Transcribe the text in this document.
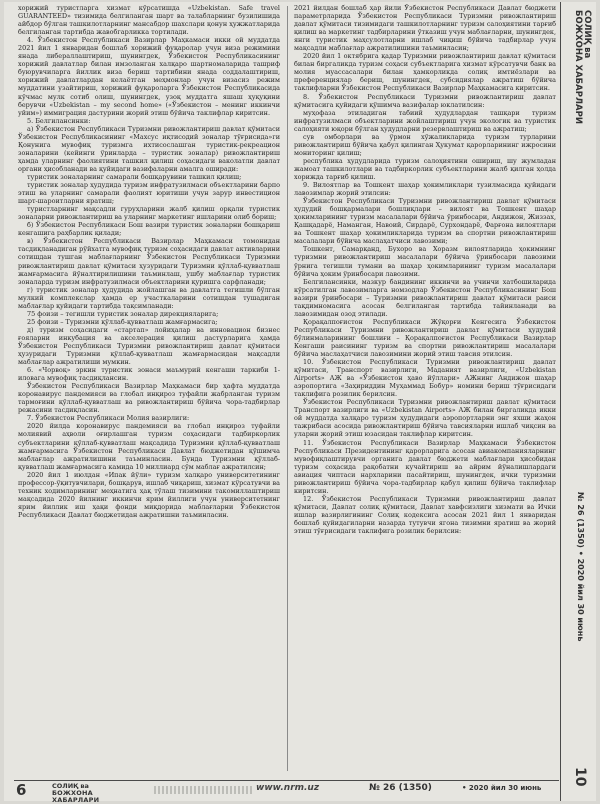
хорижий туристларга хизмат кўрсатишда «Uzbekistan. Safe travel GUARANTEED» тизимида белгиланган шарт ва талабларнинг бузилишида айбдор бўлган ташкилотларнинг мансабдор шахслари қонун ҳужжатларида белгиланган тартибда жавобгарликка тортилади.

4. Ўзбекистон Республикаси Вазирлар Маҳкамаси икки ой муддатда 2021 йил 1 январидан бошлаб хорижий фуқаролар учун виза режимини янада либераллаштириш, шунингдек, Ўзбекистон Республикасининг хорижий давлатлар билан имзоланган халқаро шартномаларида ташриф буюрувчиларга йиллик виза бериш тартибини янада соддалаштириш, хорижий давлатлардан келаётган меҳмонлар учун визасиз режим муддатини узайтириш, хорижий фуқароларга Ўзбекистон Республикасида кўчмас мулк сотиб олиш, шунингдек, узоқ муддатга яшаш ҳуқуқини берувчи «Uzbekistan – my second home» («Ўзбекистон – менинг иккинчи уйим») иммиграция дастурини жорий этиш бўйича таклифлар киритсин.

5. Белгилансинки:

а) Ўзбекистон Республикаси Туризмни ривожлантириш давлат қўмитаси Ўзбекистон Республикасининг «Махсус иқтисодий зоналар тўғрисида»ги Қонунига мувофиқ туризмга ихтисослашган туристик-рекреацион зоналарини (кейинги ўринларда – туристик зоналар) ривожлантириш ҳамда уларнинг фаолиятини ташкил қилиш соҳасидаги ваколатли давлат органи ҳисобланади ва қуйидаги вазифаларни амалга оширади:

туристик зоналарнинг самарали бошқарувини ташкил қилиш;

туристик зоналар ҳудудида туризм инфратузилмаси объектларини барпо этиш ва уларнинг самарали фаолият юритиши учун зарур инвестицион шарт-шароитларни яратиш;

туристларнинг мақсадли гуруҳларини жалб қилиш орқали туристик зоналарни ривожлантириш ва уларнинг маркетинг ишларини олиб бориш;

б) Ўзбекистон Республикаси Бош вазири туристик зоналарни бошқариш кенгашига раҳбарлик қилади;

в) Ўзбекистон Республикаси Вазирлар Маҳкамаси томонидан тасдиқланадиган рўйхатга мувофиқ туризм соҳасидаги давлат активларини сотишдан тушган маблағларнинг Ўзбекистон Республикаси Туризмни ривожлантириш давлат қўмитаси ҳузуридаги Туризмни қўллаб-қувватлаш жамғармасига йўналтирилишини таъминлаш, ушбу маблағлар туристик зоналарда туризм инфратузилмаси объектларини қуришга сарфланади;

г) туристик зоналар ҳудудида жойлашган ва давлатга тегишли бўлган мулкий комплекслар ҳамда ер участкаларини сотишдан тушадиган маблағлар қуйидаги тартибда тақсимланади:

75 фоизи – тегишли туристик зоналар дирекцияларига;

25 фоизи – Туризмни қўллаб-қувватлаш жамғармасига;

д) туризм соҳасидаги «стартап» лойиҳалар ва инновацион бизнес ғояларни инкубация ва акселерация қилиш дастурларига ҳамда Ўзбекистон Республикаси Туризмни ривожлантириш давлат қўмитаси ҳузуридаги Туризмни қўллаб-қувватлаш жамғармасидан мақсадли маблағлар ажратилиши мумкин.

6. «Чорвоқ» эркин туристик зонаси маъмурий кенгаши таркиби 1-иловага мувофиқ тасдиқлансин.

Ўзбекистон Республикаси Вазирлар Маҳкамаси бир ҳафта муддатда коронавирус пандемияси ва глобал инқироз туфайли жабрланган туризм тармоғини қўллаб-қувватлаш ва ривожлантириш бўйича чора-тадбирлар режасини тасдиқласин.

7. Ўзбекистон Республикаси Молия вазирлиги:

2020 йилда коронавирус пандемияси ва глобал инқироз туфайли молиявий аҳволи оғирлашган туризм соҳасидаги тадбиркорлик субъектларини қўллаб-қувватлаш мақсадида Туризмни қўллаб-қувватлаш жамғармасига Ўзбекистон Республикаси Давлат бюджетидан қўшимча маблағлар ажратилишини таъминласин. Бунда Туризмни қўллаб-қувватлаш жамғармасига камида 10 миллиард сўм маблағ ажратилсин;

2020 йил 1 июлдан «Ипак йўли» туризм халқаро университетининг профессор-ўқитувчилари, бошқарув, ишлаб чиқариш, хизмат кўрсатувчи ва техник ходимларининг меҳнатига ҳақ тўлаш тизимини такомиллаштириш мақсадида 2020 йилнинг иккинчи ярим йиллиги учун университетнинг ярим йиллик иш ҳақи фонди миқдорида маблағларни Ўзбекистон Республикаси Давлат бюджетидан ажратишни таъминласин.

2021 йилдан бошлаб ҳар йили Ўзбекистон Республикаси Давлат бюджети параметрларида Ўзбекистон Республикаси Туризмни ривожлантириш давлат қўмитаси тизимидаги ташкилотларнинг туризм салоҳиятини тарғиб қилиш ва маркетинг тадбирларини ўтказиш учун маблағларни, шунингдек, янги туристик маҳсулотларни ишлаб чиқиш бўйича тадбирлар учун мақсадли маблағлар ажратилишини таъминласин;

2020 йил 1 октябрига қадар Туризмни ривожлантириш давлат қўмитаси билан биргаликда туризм соҳаси субъектларига хизмат кўрсатувчи банк ва молия муассасалари билан ҳамкорликда солиқ имтиёзлари ва преференциялар бериш, шунингдек, субсидиялар ажратиш бўйича таклифларни Ўзбекистон Республикаси Вазирлар Маҳкамасига киритсин.

8. Ўзбекистон Республикаси Туризмни ривожлантириш давлат қўмитасига қуйидаги қўшимча вазифалар юклатилсин:

муҳофаза этиладиган табиий ҳудудлардан ташқари туризм инфратузилмаси объектларини жойлаштириш учун экологик ва туристик салоҳияти юқори бўлган ҳудудларни резервлаштириш ва ажратиш;

сув омборлари ва ўрмон хўжаликларида туризм турларини ривожлантириш бўйича қабул қилинган Ҳукумат қарорларининг ижросини мониторинг қилиш;

республика ҳудудларида туризм салоҳиятини ошириш, шу жумладан жамоат ташкилотлари ва тадбиркорлик субъектларини жалб қилган ҳолда хорижда тарғиб қилиш.

9. Вилоятлар ва Тошкент шаҳар ҳокимликлари тузилмасида қуйидаги лавозимлар жорий этилсин:

Ўзбекистон Республикаси Туризмни ривожлантириш давлат қўмитаси ҳудудий бошқармалари бошлиқлари – вилоят ва Тошкент шаҳар ҳокимларининг туризм масалалари бўйича ўринбосари, Андижон, Жиззах, Қашқадарё, Наманган, Навоий, Сирдарё, Сурхондарё, Фарғона вилоятлари ва Тошкент шаҳар ҳокимликларида туризм ва спортни ривожлантириш масалалари бўйича маслаҳатчиси лавозими;

Тошкент, Самарқанд, Бухоро ва Хоразм вилоятларида ҳокимнинг туризмни ривожлантириш масалалари бўйича ўринбосари лавозими ўрнига тегишли тумани ва шаҳар ҳокимларининг туризм масалалари бўйича ҳоким ўринбосари лавозими.

Белгилансинки, мазкур бандининг иккинчи ва учинчи хатбошиларида кўрсатилган лавозимларга номзодлар Ўзбекистон Республикасининг Бош вазири ўринбосари – Туризмни ривожлантириш давлат қўмитаси раиси тақдимномасига асосан белгиланган тартибда тайинланади ва лавозимидан озод этилади.

Қорақалпоғистон Республикаси Жўқорғи Кенгесига Ўзбекистон Республикаси Туризмни ривожлантириш давлат қўмитаси ҳудудий бўлинмаларининг бошлиғи – Қорақалпоғистон Республикаси Вазирлар Кенгаши раисининг туризм ва спортни ривожлантириш масалалари бўйича маслаҳатчиси лавозимини жорий этиш тавсия этилсин.

10. Ўзбекистон Республикаси Туризмни ривожлантириш давлат қўмитаси, Транспорт вазирлиги, Маданият вазирлиги, «Uzbekistan Airports» АЖ ва «Ўзбекистон ҳаво йўллари» АЖнинг Андижон шаҳар аэропортига «Заҳириддин Муҳаммад Бобур» номини бериш тўғрисидаги таклифига розилик берилсин.

Ўзбекистон Республикаси Туризмни ривожлантириш давлат қўмитаси Транспорт вазирлиги ва «Uzbekistan Airports» АЖ билан биргаликда икки ой муддатда халқаро туризм ҳудудидаги аэропортларни энг яхши жаҳон тажрибаси асосида ривожлантириш бўйича тавсияларни ишлаб чиқсин ва уларни жорий этиш юзасидан таклифлар киритсин.

11. Ўзбекистон Республикаси Вазирлар Маҳкамаси Ўзбекистон Республикаси Президентининг қарорларига асосан авиакомпанияларнинг мувофиқлаштирувчи органига давлат бюджети маблағлари ҳисобидан туризм соҳасида рақобатни кучайтириш ва айрим йўналишлардаги авиация чиптаси нархларини пасайтириш, шунингдек, ички туризмни ривожлантириш бўйича чора-тадбирлар қабул қилиш бўйича таклифлар киритсин.

12. Ўзбекистон Республикаси Туризмни ривожлантириш давлат қўмитаси, Давлат солиқ қўмитаси, Давлат хавфсизлиги хизмати ва Ички ишлар вазирлигининг Солиқ кодексига асосан 2021 йил 1 январидан бошлаб қуйидагиларни назарда тутувчи ягона тизимни яратиш ва жорий этиш тўғрисидаги таклифига розилик берилсин:

6	СОЛИҚ ва
БОЖХОНА ХАБАРЛАРИ
www.nrm.uz	№ 26 (1350)	• 2020 йил 30 июнь
СОЛИҚ ва
БОЖХОНА ХАБАРЛАРИ
№ 26 (1350) • 2020 йил 30 июнь
10
